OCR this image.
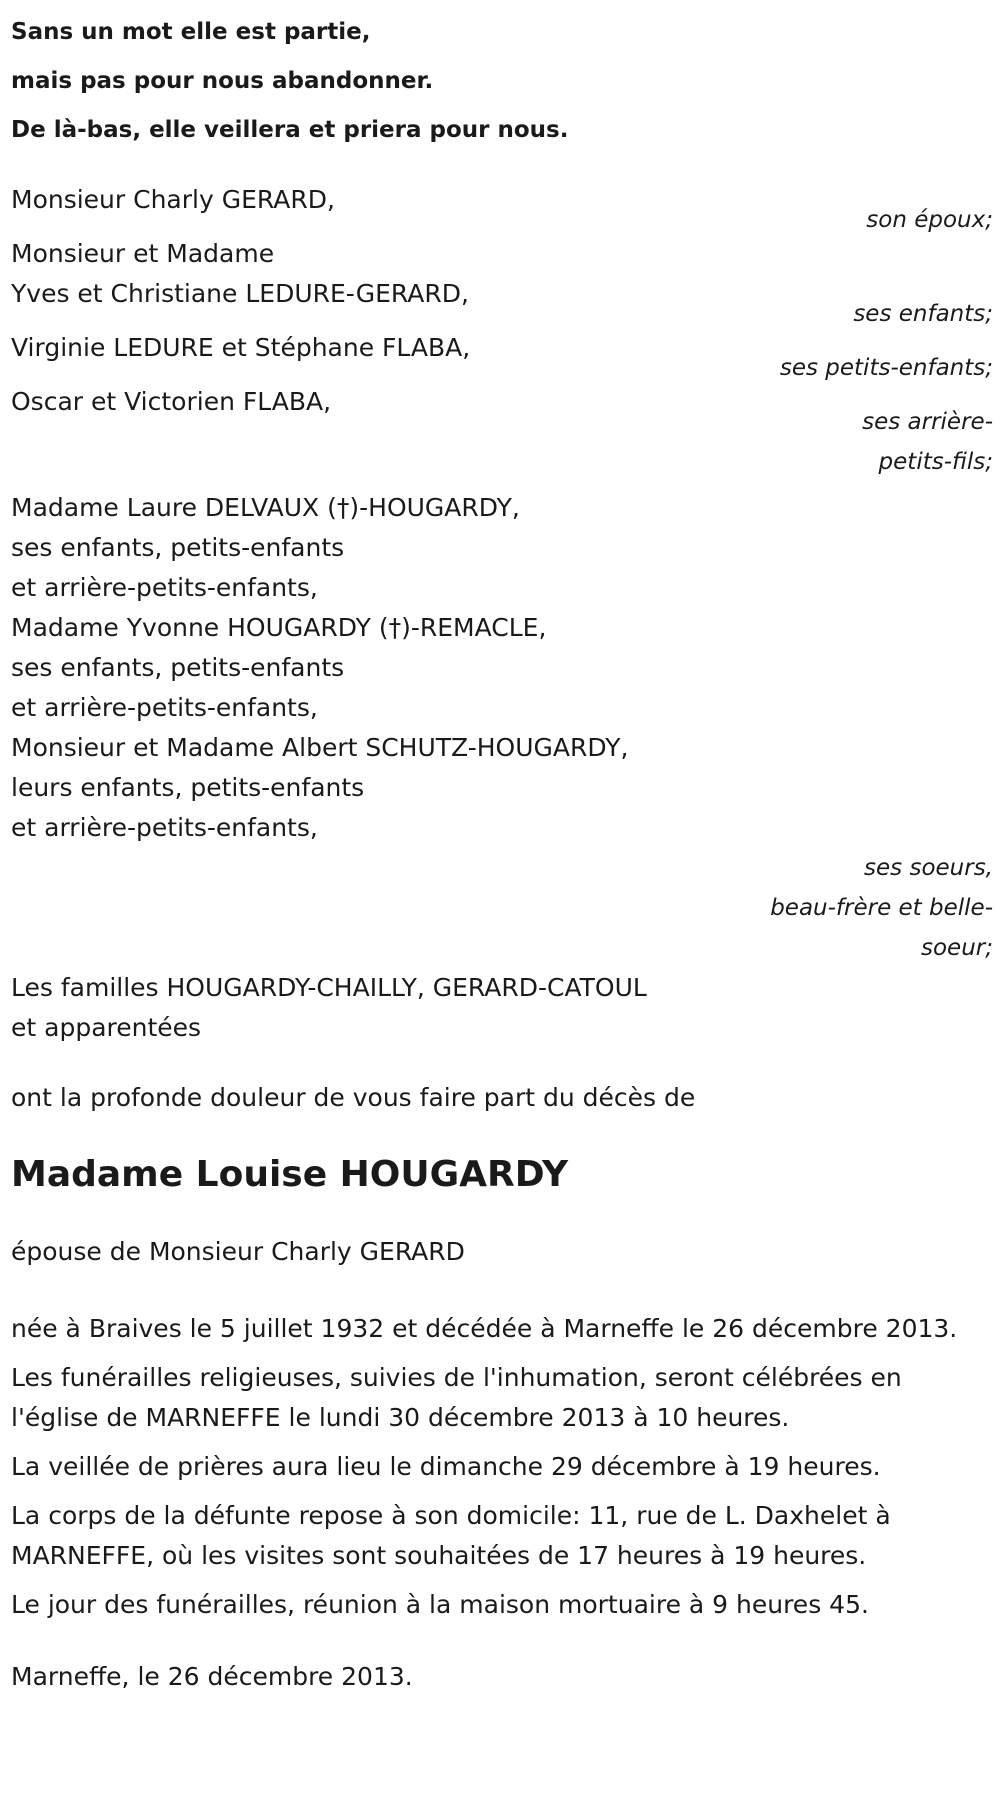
Sans un mot elle est partie,
mais pas pour nous abandonner.
De là-bas, elle veillera et priera pour nous.
Monsieur Charly GERARD,
son époux;
Monsieur et Madame
Yves et Christiane LEDURE-GERARD,
ses enfants;
Virginie LEDURE et Stéphane FLABA,
ses petits-enfants;
Oscar et Victorien FLABA,
ses arrière-
petits-fils;
Madame Laure DELVAUX (†)-HOUGARDY,
ses enfants, petits-enfants
et arrière-petits-enfants,
Madame Yvonne HOUGARDY (†)-REMACLE,
ses enfants, petits-enfants
et arrière-petits-enfants,
Monsieur et Madame Albert SCHUTZ-HOUGARDY,
leurs enfants, petits-enfants
et arrière-petits-enfants,
ses soeurs,
beau-frère et belle-
soeur;
Les familles HOUGARDY-CHAILLY, GERARD-CATOUL
et apparentées
ont la profonde douleur de vous faire part du décès de
Madame Louise HOUGARDY
épouse de Monsieur Charly GERARD
née à Braives le 5 juillet 1932 et décédée à Marneffe le 26 décembre 2013.
Les funérailles religieuses, suivies de l'inhumation, seront célébrées en l'église de MARNEFFE le lundi 30 décembre 2013 à 10 heures.
La veillée de prières aura lieu le dimanche 29 décembre à 19 heures.
La corps de la défunte repose à son domicile: 11, rue de L. Daxhelet à MARNEFFE, où les visites sont souhaitées de 17 heures à 19 heures.
Le jour des funérailles, réunion à la maison mortuaire à 9 heures 45.
Marneffe, le 26 décembre 2013.
